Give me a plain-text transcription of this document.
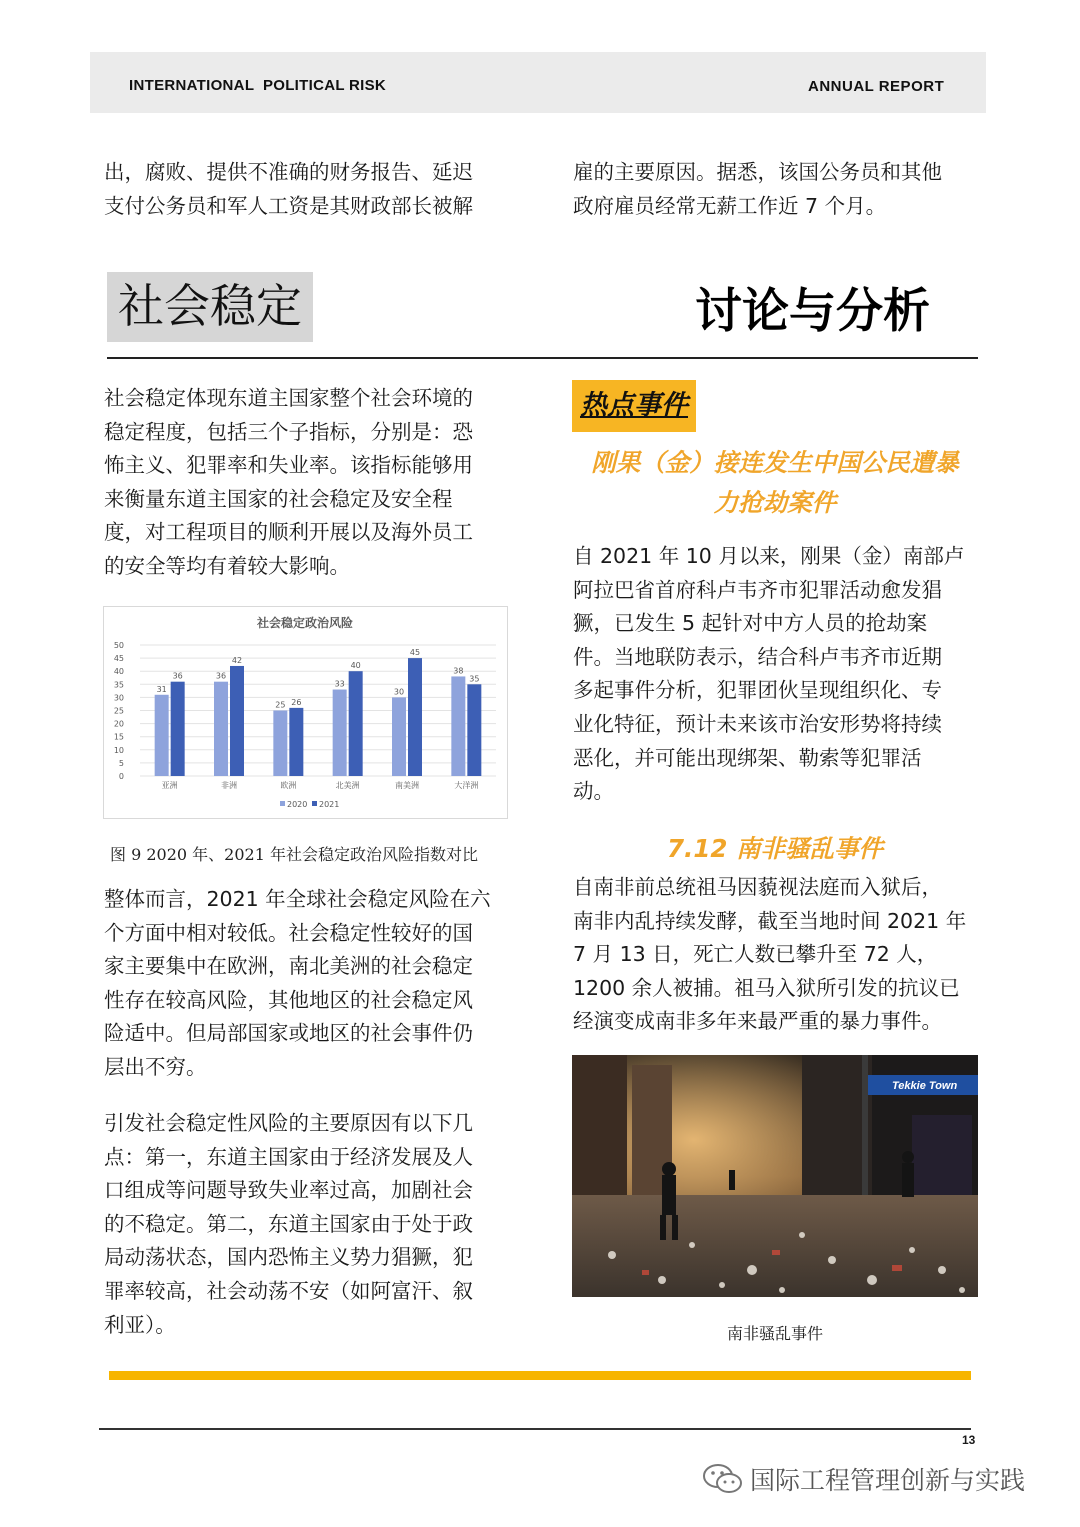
INTERNATIONAL  POLITICAL RISK	ANNUAL REPORT
出，腐败、提供不准确的财务报告、延迟
支付公务员和军人工资是其财政部长被解
雇的主要原因。据悉，该国公务员和其他
政府雇员经常无薪工作近 7 个月。
社会稳定	讨论与分析
社会稳定体现东道主国家整个社会环境的
稳定程度，包括三个子指标，分别是：恐
怖主义、犯罪率和失业率。该指标能够用
来衡量东道主国家的社会稳定及安全程
度，对工程项目的顺利开展以及海外员工
的安全等均有着较大影响。
社会稳定政治风险
0
5
10
15
20
25
30
35
40
45
50
31
36
亚洲
36
42
非洲
25 26
欧洲
33
40
北美洲
30
45
南美洲
38
35
大洋洲
2020 2021
图 9 2020 年、2021 年社会稳定政治风险指数对比
整体而言，2021 年全球社会稳定风险在六
个方面中相对较低。社会稳定性较好的国
家主要集中在欧洲，南北美洲的社会稳定
性存在较高风险，其他地区的社会稳定风
险适中。但局部国家或地区的社会事件仍
层出不穷。
引发社会稳定性风险的主要原因有以下几
点：第一，东道主国家由于经济发展及人
口组成等问题导致失业率过高，加剧社会
的不稳定。第二，东道主国家由于处于政
局动荡状态，国内恐怖主义势力猖獗，犯
罪率较高，社会动荡不安（如阿富汗、叙
利亚）。
热点事件
刚果（金）接连发生中国公民遭暴
力抢劫案件
自 2021 年 10 月以来，刚果（金）南部卢
阿拉巴省首府科卢韦齐市犯罪活动愈发猖
獗，已发生 5 起针对中方人员的抢劫案
件。当地联防表示，结合科卢韦齐市近期
多起事件分析，犯罪团伙呈现组织化、专
业化特征，预计未来该市治安形势将持续
恶化，并可能出现绑架、勒索等犯罪活
动。
7.12 南非骚乱事件
自南非前总统祖马因藐视法庭而入狱后，
南非内乱持续发酵，截至当地时间 2021 年
7 月 13 日，死亡人数已攀升至 72 人，
1200 余人被捕。祖马入狱所引发的抗议已
经演变成南非多年来最严重的暴力事件。
Tekkie Town
南非骚乱事件
13
国际工程管理创新与实践
